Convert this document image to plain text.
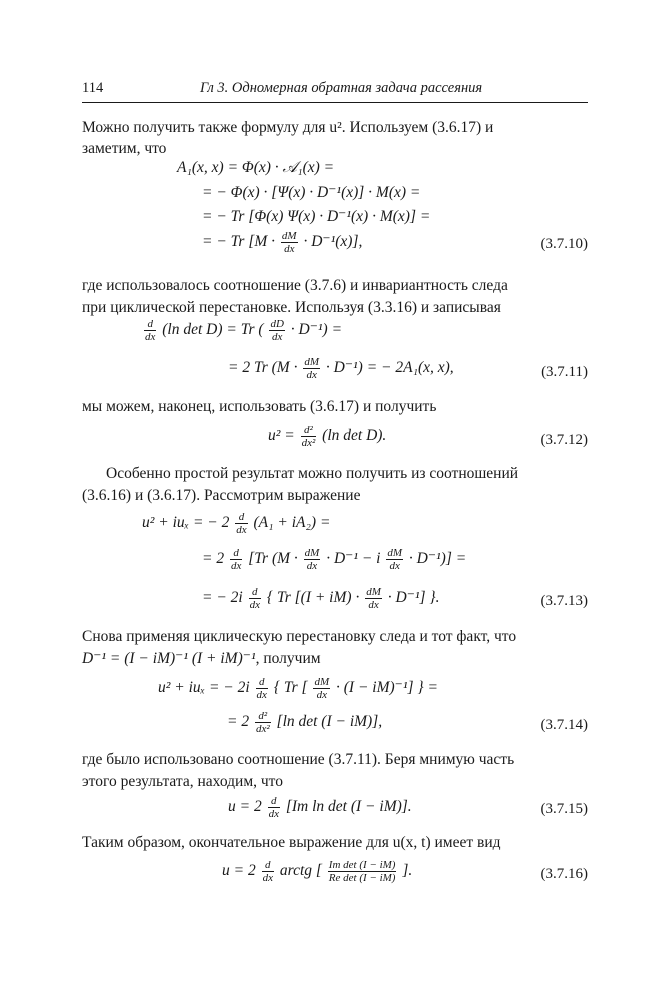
114	Гл 3. Одномерная обратная задача рассеяния
Можно получить также формулу для u². Используем (3.6.17) и
заметим, что
A₁(x, x) = Φ(x) · 𝒜₁(x) =
= − Φ(x) · [Ψ(x) · D⁻¹(x)] · M(x) =
= − Tr [Φ(x) Ψ(x) · D⁻¹(x) · M(x)] =
= − Tr $[M \cdot \frac{dM}{dx} \cdot D^{-1}(x)]$,	(3.7.10)
где использовалось соотношение (3.7.6) и инвариантность следа
при циклической перестановке. Используя (3.3.16) и записывая
$\frac{d}{dx} (\ln$ det D) = Tr ( $\frac{dD}{dx} \cdot D^{-1}$) =
= 2 Tr $(M \cdot \frac{dM}{dx} \cdot D^{-1})$ = − 2A₁(x, x),	(3.7.11)
мы можем, наконец, использовать (3.6.17) и получить
$u^2 = \frac{\text{d²}}{\text{dx²}} (\ln$ det D).	(3.7.12)
Особенно простой результат можно получить из соотношений
(3.6.16) и (3.6.17). Рассмотрим выражение
u² + iuₓ = − $2 \frac{d}{dx} (A_1 + iA_2)$ =
= $2 \frac{d}{dx} [Tr$ $(M \cdot \frac{dM}{dx} \cdot D^{-1} - i \frac{dM}{dx} \cdot D^{-1})$] =
= − $2i \frac{d}{dx}$ { Tr $[(I + iM) \cdot \frac{dM}{dx} \cdot D^{-1}]$ }.	(3.7.13)
Снова применяя циклическую перестановку следа и тот факт, что
D⁻¹ = (I − iM)⁻¹ (I + iM)⁻¹, получим
u² + iuₓ = − $2i \frac{d}{dx}$ { Tr [ $\frac{dM}{dx} \cdot (I - iM)^{-1}$] } =
= $2 \frac{\text{d²}}{\text{dx²}} [\ln$ det (I − iM)],	(3.7.14)
где было использовано соотношение (3.7.11). Беря мнимую часть
этого результата, находим, что
$u = 2 \frac{d}{dx} [Im$ ln det (I − iM)].	(3.7.15)
Таким образом, окончательное выражение для u(x, t) имеет вид
$u = 2 \frac{d}{dx}$ arctg [ $\frac{\text{Im det (I − iM)}}{\text{Re det (I − iM)}}$ ].	(3.7.16)
